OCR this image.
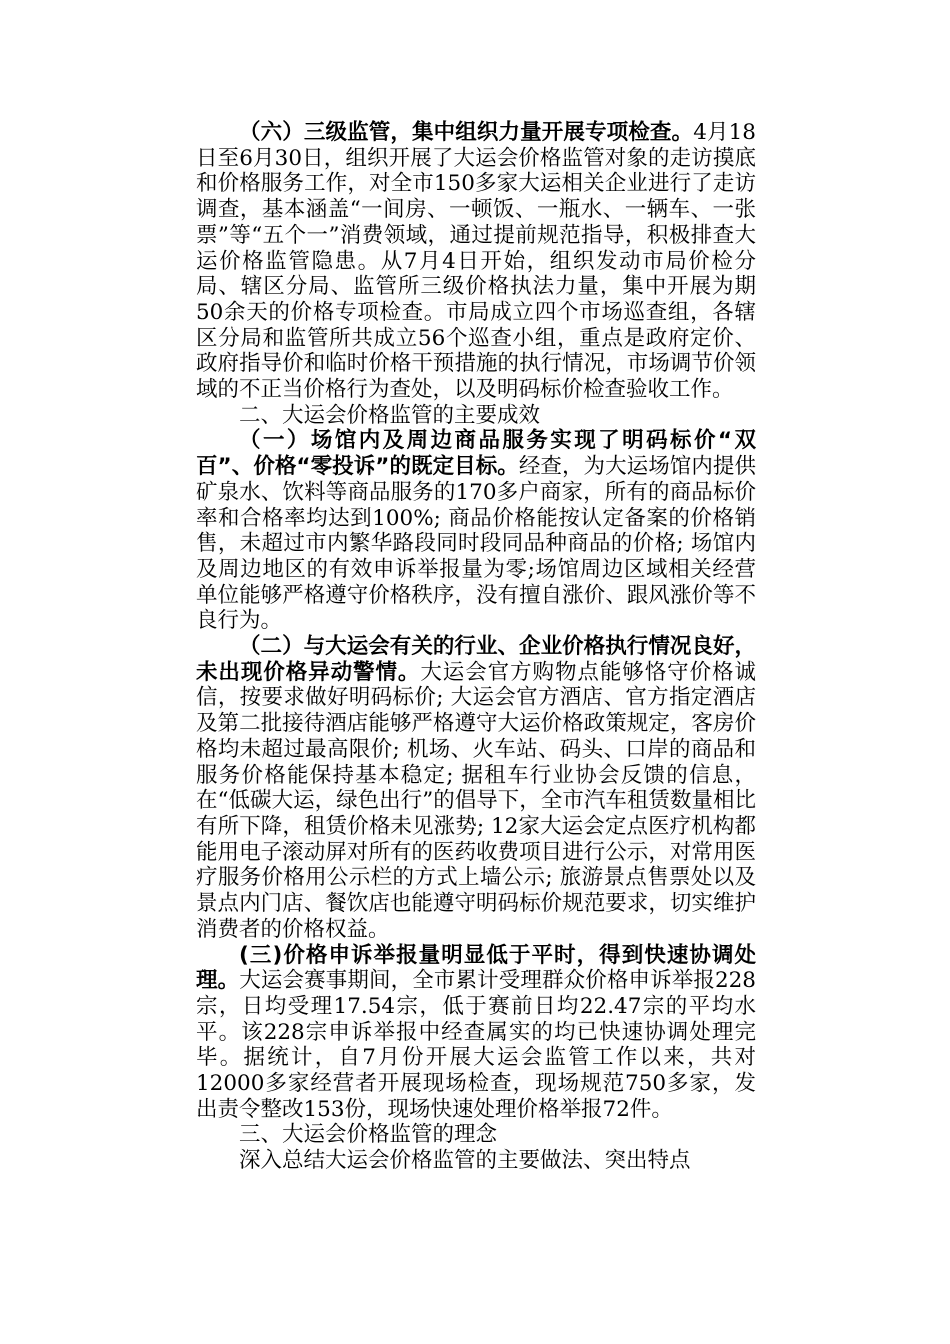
（六）三级监管，集中组织力量开展专项检查。4月18日至6月30日，组织开展了大运会价格监管对象的走访摸底和价格服务工作，对全市150多家大运相关企业进行了走访调查，基本涵盖“一间房、一顿饭、一瓶水、一辆车、一张票”等“五个一”消费领域，通过提前规范指导，积极排查大运价格监管隐患。从7月4日开始，组织发动市局价检分局、辖区分局、监管所三级价格执法力量，集中开展为期50余天的价格专项检查。市局成立四个市场巡查组，各辖区分局和监管所共成立56个巡查小组，重点是政府定价、政府指导价和临时价格干预措施的执行情况，市场调节价领域的不正当价格行为查处，以及明码标价检查验收工作。

二、大运会价格监管的主要成效

（一）场馆内及周边商品服务实现了明码标价“双百”、价格“零投诉”的既定目标。经查，为大运场馆内提供矿泉水、饮料等商品服务的170多户商家，所有的商品标价率和合格率均达到100%; 商品价格能按认定备案的价格销售，未超过市内繁华路段同时段同品种商品的价格; 场馆内及周边地区的有效申诉举报量为零;场馆周边区域相关经营单位能够严格遵守价格秩序，没有擅自涨价、跟风涨价等不良行为。

（二）与大运会有关的行业、企业价格执行情况良好，未出现价格异动警情。大运会官方购物点能够恪守价格诚信，按要求做好明码标价; 大运会官方酒店、官方指定酒店及第二批接待酒店能够严格遵守大运价格政策规定，客房价格均未超过最高限价; 机场、火车站、码头、口岸的商品和服务价格能保持基本稳定; 据租车行业协会反馈的信息，在“低碳大运，绿色出行”的倡导下，全市汽车租赁数量相比有所下降，租赁价格未见涨势; 12家大运会定点医疗机构都能用电子滚动屏对所有的医药收费项目进行公示，对常用医疗服务价格用公示栏的方式上墙公示; 旅游景点售票处以及景点内门店、餐饮店也能遵守明码标价规范要求，切实维护消费者的价格权益。

(三)价格申诉举报量明显低于平时，得到快速协调处理。大运会赛事期间，全市累计受理群众价格申诉举报228宗，日均受理17.54宗，低于赛前日均22.47宗的平均水平。该228宗申诉举报中经查属实的均已快速协调处理完毕。据统计，自7月份开展大运会监管工作以来，共对12000多家经营者开展现场检查，现场规范750多家，发出责令整改153份，现场快速处理价格举报72件。

三、大运会价格监管的理念

深入总结大运会价格监管的主要做法、突出特点
